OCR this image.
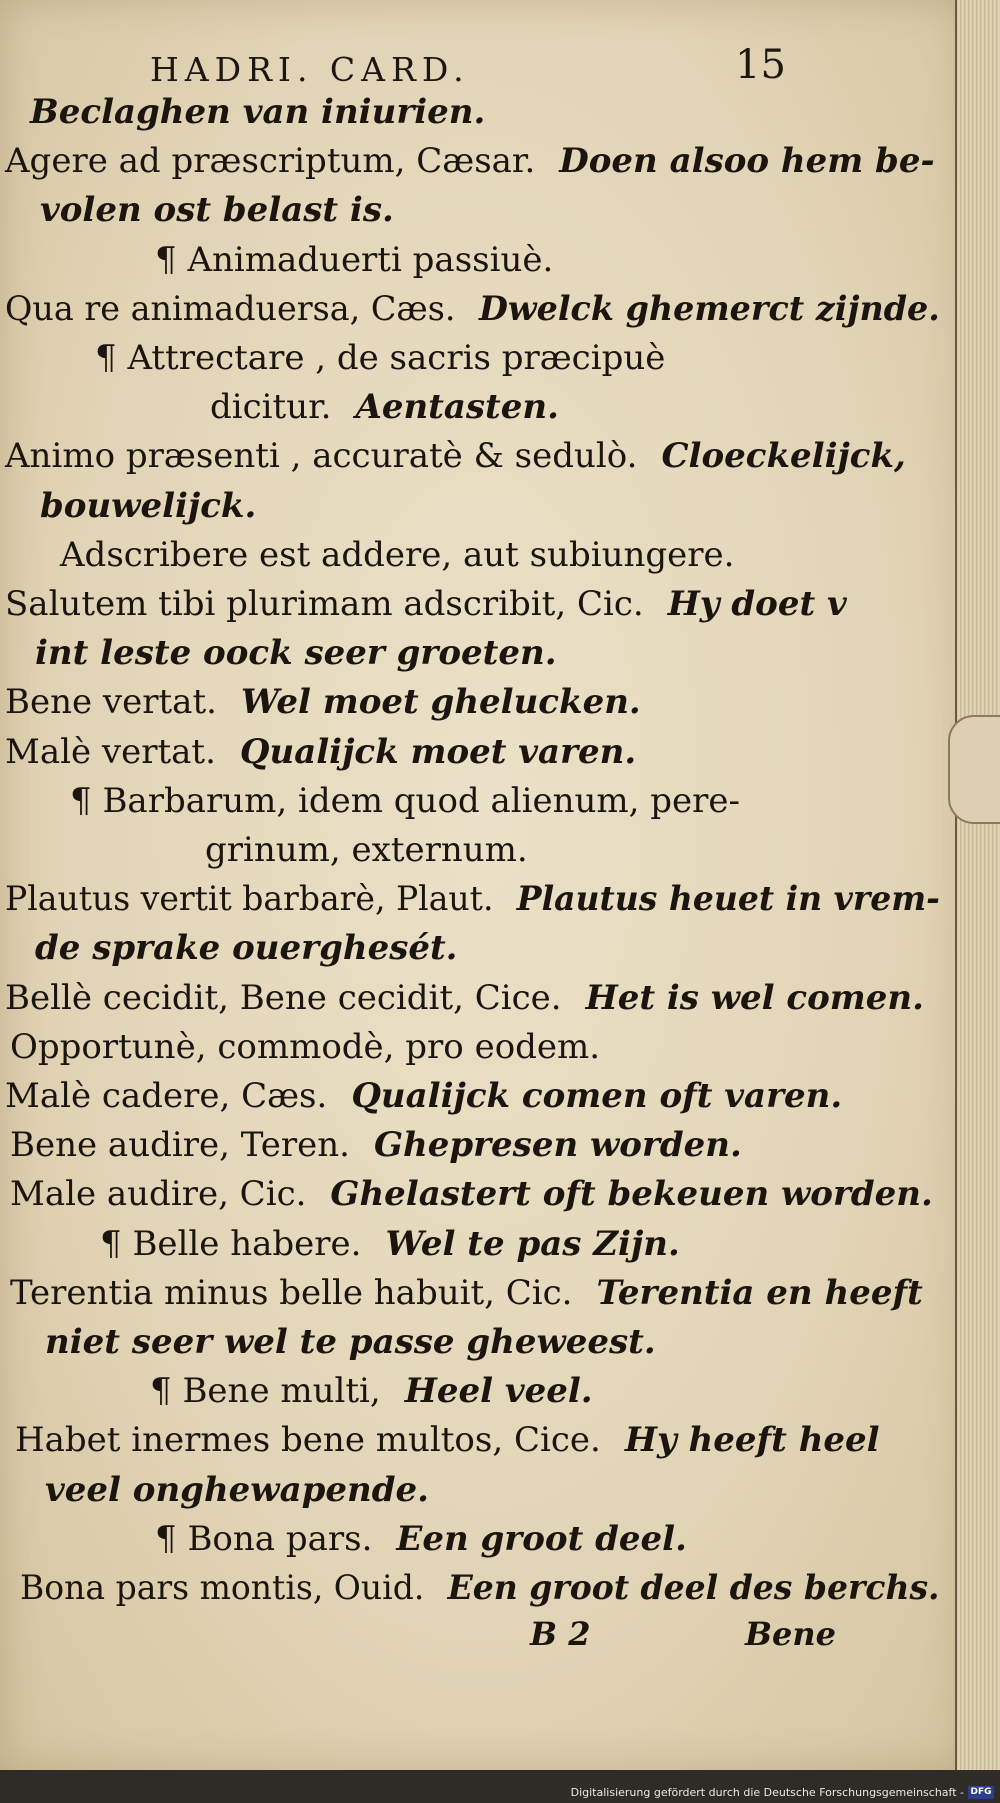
HADRI. CARD.	15
Beclaghen van iniurien.
Agere ad præscriptum, Cæsar. Doen alsoo hem be-
volen ost belast is.
¶ Animaduerti passiuè.
Qua re animaduersa, Cæs. Dwelck ghemerct zijnde.
¶ Attrectare , de sacris præcipuè
dicitur. Aentasten.
Animo præsenti , accuratè & sedulò. Cloeckelijck,
bouwelijck.
Adscribere est addere, aut subiungere.
Salutem tibi plurimam adscribit, Cic. Hy doet v
int leste oock seer groeten.
Bene vertat. Wel moet ghelucken.
Malè vertat. Qualijck moet varen.
¶ Barbarum, idem quod alienum, pere-
grinum, externum.
Plautus vertit barbarè, Plaut. Plautus heuet in vrem-
de sprake ouerghesét.
Bellè cecidit, Bene cecidit, Cice. Het is wel comen.
Opportunè, commodè, pro eodem.
Malè cadere, Cæs. Qualijck comen oft varen.
Bene audire, Teren. Ghepresen worden.
Male audire, Cic. Ghelastert oft bekeuen worden.
¶ Belle habere. Wel te pas Zijn.
Terentia minus belle habuit, Cic. Terentia en heeft
niet seer wel te passe gheweest.
¶ Bene multi, Heel veel.
Habet inermes bene multos, Cice. Hy heeft heel
veel onghewapende.
¶ Bona pars. Een groot deel.
Bona pars montis, Ouid. Een groot deel des berchs.
B 2	Bene
Digitalisierung gefördert durch die Deutsche Forschungsgemeinschaft - DFG
